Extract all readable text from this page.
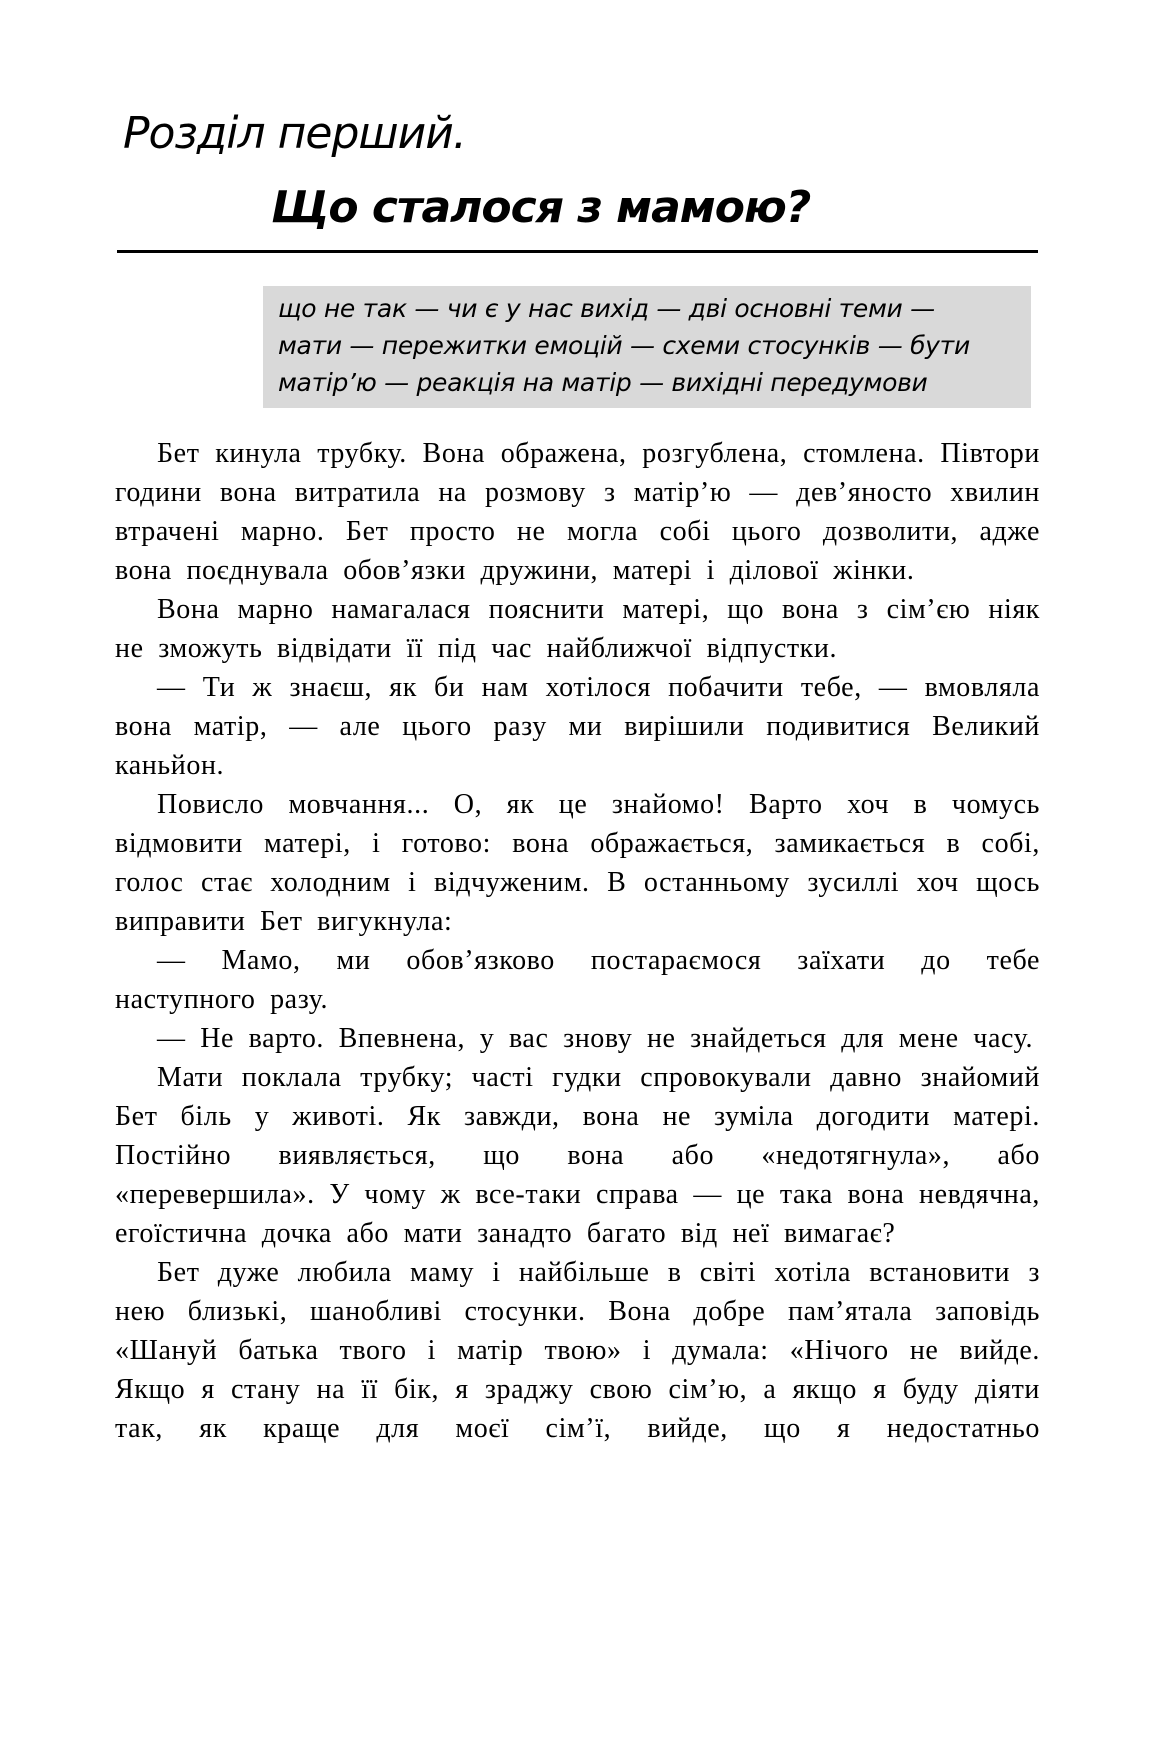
Розділ перший.
Що сталося з мамою?
що не так — чи є у нас вихід — дві основні теми —
мати — пережитки емоцій — схеми стосунків — бути
матір’ю — реакція на матір — вихідні передумови

Бет кинула трубку. Вона ображена, розгублена, стомлена. Півтори години вона витратила на розмову з матір’ю — дев’яносто хвилин втрачені марно. Бет просто не могла собі цього дозволити, адже вона поєднувала обов’язки дружини, матері і ділової жінки.

Вона марно намагалася пояснити матері, що вона з сім’єю ніяк не зможуть відвідати її під час найближчої відпустки.

— Ти ж знаєш, як би нам хотілося побачити тебе, — вмовляла вона матір, — але цього разу ми вирішили подивитися Великий каньйон.

Повисло мовчання... О, як це знайомо! Варто хоч в чомусь відмовити матері, і готово: вона ображається, замикається в собі, голос стає холодним і відчуженим. В останньому зусиллі хоч щось виправити Бет вигукнула:

— Мамо, ми обов’язково постараємося заїхати до тебе наступного разу.

— Не варто. Впевнена, у вас знову не знайдеться для мене часу.

Мати поклала трубку; часті гудки спровокували давно знайомий Бет біль у животі. Як завжди, вона не зуміла догодити матері. Постійно виявляється, що вона або «недотягнула», або «перевершила». У чому ж все-таки справа — це така вона невдячна, егоїстична дочка або мати занадто багато від неї вимагає?

Бет дуже любила маму і найбільше в світі хотіла встановити з нею близькі, шанобливі стосунки. Вона добре пам’ятала заповідь «Шануй батька твого і матір твою» і думала: «Нічого не вийде. Якщо я стану на її бік, я зраджу свою сім’ю, а якщо я буду діяти так, як краще для моєї сім’ї, вийде, що я недостатньо
